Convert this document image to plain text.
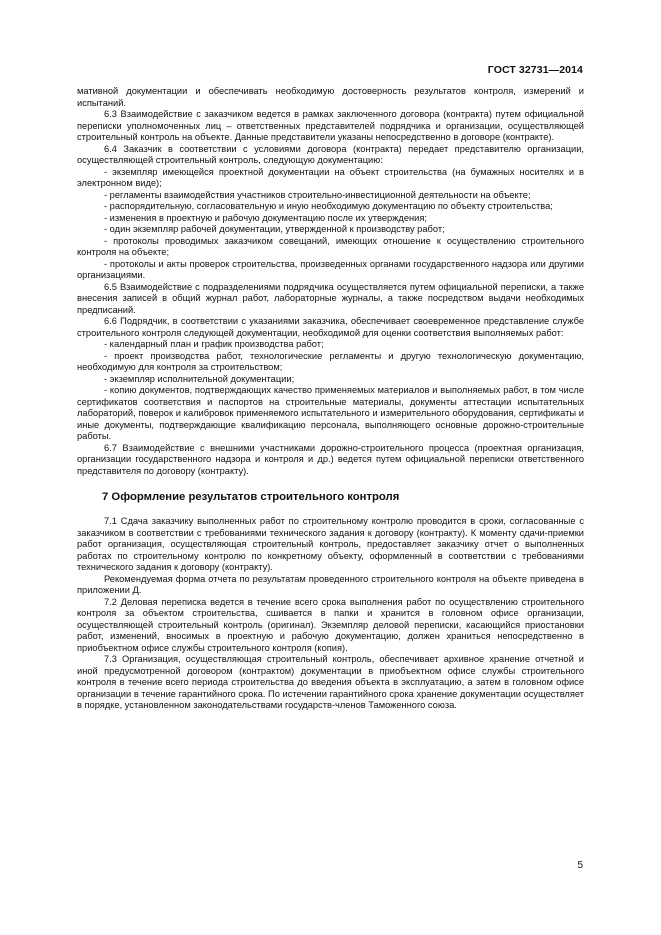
ГОСТ 32731—2014

мативной документации и обеспечивать необходимую достоверность результатов контроля, измерений и испытаний.

6.3 Взаимодействие с заказчиком ведется в рамках заключенного договора (контракта) путем официальной переписки уполномоченных лиц – ответственных представителей подрядчика и организации, осуществляющей строительный контроль на объекте. Данные представители указаны непосредственно в договоре (контракте).

6.4 Заказчик в соответствии с условиями договора (контракта) передает представителю организации, осуществляющей строительный контроль, следующую документацию:

- экземпляр имеющейся проектной документации на объект строительства (на бумажных носителях и в электронном виде);

- регламенты взаимодействия участников строительно-инвестиционной деятельности на объекте;

- распорядительную, согласовательную и иную необходимую документацию по объекту строительства;

- изменения в проектную и рабочую документацию после их утверждения;

- один экземпляр рабочей документации, утвержденной к производству работ;

- протоколы проводимых заказчиком совещаний, имеющих отношение к осуществлению строительного контроля на объекте;

- протоколы и акты проверок строительства, произведенных органами государственного надзора или другими организациями.

6.5 Взаимодействие с подразделениями подрядчика осуществляется путем официальной переписки, а также внесения записей в общий журнал работ, лабораторные журналы, а также посредством выдачи необходимых предписаний.

6.6 Подрядчик, в соответствии с указаниями заказчика, обеспечивает своевременное представление службе строительного контроля следующей документации, необходимой для оценки соответствия выполняемых работ:

- календарный план и график производства работ;

- проект производства работ, технологические регламенты и другую технологическую документацию, необходимую для контроля за строительством;

- экземпляр исполнительной документации;

- копию документов, подтверждающих качество применяемых материалов и выполняемых работ, в том числе сертификатов соответствия и паспортов на строительные материалы, документы аттестации испытательных лабораторий, поверок и калибровок применяемого испытательного и измерительного оборудования, сертификаты и иные документы, подтверждающие квалификацию персонала, выполняющего основные дорожно-строительные работы.

6.7 Взаимодействие с внешними участниками дорожно-строительного процесса (проектная организация, организации государственного надзора и контроля и др.) ведется путем официальной переписки ответственного представителя по договору (контракту).

7 Оформление результатов строительного контроля

7.1 Сдача заказчику выполненных работ по строительному контролю проводится в сроки, согласованные с заказчиком в соответствии с требованиями технического задания к договору (контракту). К моменту сдачи-приемки работ организация, осуществляющая строительный контроль, предоставляет заказчику отчет о выполненных работах по строительному контролю по конкретному объекту, оформленный в соответствии с требованиями технического задания к договору (контракту).

Рекомендуемая форма отчета по результатам проведенного строительного контроля на объекте приведена в приложении Д.

7.2 Деловая переписка ведется в течение всего срока выполнения работ по осуществлению строительного контроля за объектом строительства, сшивается в папки и хранится в головном офисе организации, осуществляющей строительный контроль (оригинал). Экземпляр деловой переписки, касающийся приостановки работ, изменений, вносимых в проектную и рабочую документацию, должен храниться непосредственно в приобъектном офисе службы строительного контроля (копия).

7.3 Организация, осуществляющая строительный контроль, обеспечивает архивное хранение отчетной и иной предусмотренной договором (контрактом) документации в приобъектном офисе службы строительного контроля в течение всего периода строительства до введения объекта в эксплуатацию, а затем в головном офисе организации в течение гарантийного срока. По истечении гарантийного срока хранение документации осуществляет в порядке, установленном законодательствами государств-членов Таможенного союза.

5
